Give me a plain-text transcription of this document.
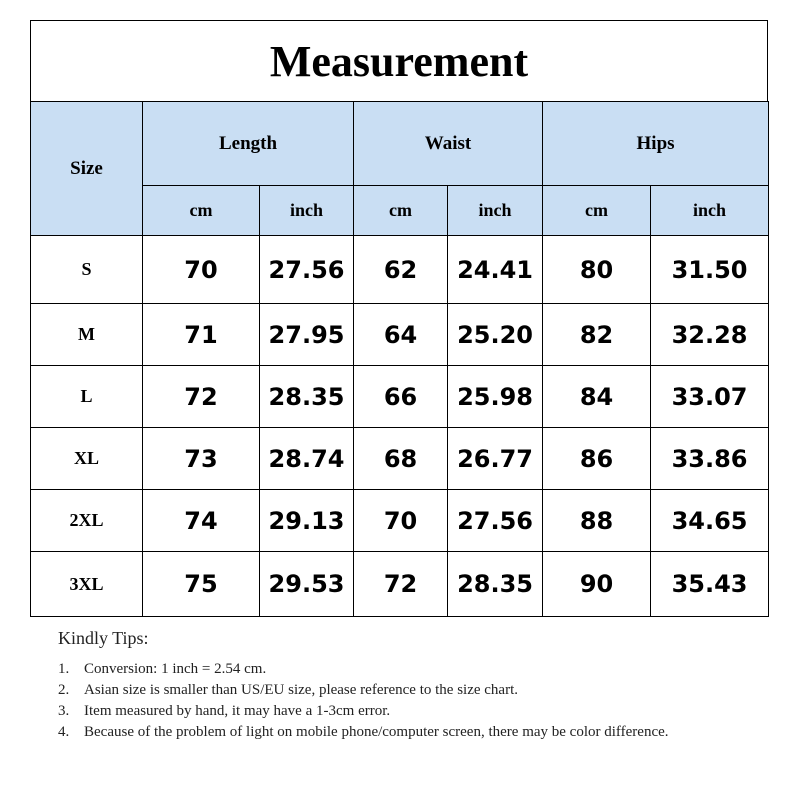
Measurement
Size	Length		Waist		Hips	
	cm	inch	cm	inch	cm	inch
S	70	27.56	62	24.41	80	31.50
M	71	27.95	64	25.20	82	32.28
L	72	28.35	66	25.98	84	33.07
XL	73	28.74	68	26.77	86	33.86
2XL	74	29.13	70	27.56	88	34.65
3XL	75	29.53	72	28.35	90	35.43
Kindly Tips:
1. Conversion: 1 inch = 2.54 cm.
2. Asian size is smaller than US/EU size, please reference to the size chart.
3. Item measured by hand, it may have a 1-3cm error.
4. Because of the problem of light on mobile phone/computer screen, there may be color difference.
